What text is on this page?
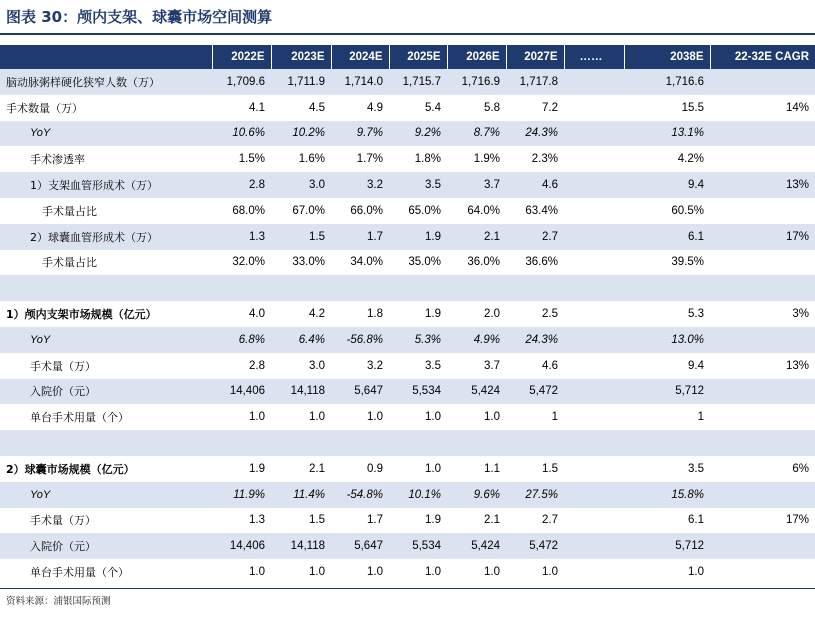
图表 30：颅内支架、球囊市场空间测算
	2022E	2023E	2024E	2025E	2026E	2027E	……	2038E	22-32E CAGR
脑动脉粥样硬化狭窄人数（万）	1,709.6	1,711.9	1,714.0	1,715.7	1,716.9	1,717.8		1,716.6	
手术数量（万）	4.1	4.5	4.9	5.4	5.8	7.2		15.5	14%
YoY	10.6%	10.2%	9.7%	9.2%	8.7%	24.3%		13.1%	
手术渗透率	1.5%	1.6%	1.7%	1.8%	1.9%	2.3%		4.2%	
1）支架血管形成术（万）	2.8	3.0	3.2	3.5	3.7	4.6		9.4	13%
手术量占比	68.0%	67.0%	66.0%	65.0%	64.0%	63.4%		60.5%	
2）球囊血管形成术（万）	1.3	1.5	1.7	1.9	2.1	2.7		6.1	17%
手术量占比	32.0%	33.0%	34.0%	35.0%	36.0%	36.6%		39.5%	

1）颅内支架市场规模（亿元）	4.0	4.2	1.8	1.9	2.0	2.5		5.3	3%
YoY	6.8%	6.4%	-56.8%	5.3%	4.9%	24.3%		13.0%	
手术量（万）	2.8	3.0	3.2	3.5	3.7	4.6		9.4	13%
入院价（元）	14,406	14,118	5,647	5,534	5,424	5,472		5,712	
单台手术用量（个）	1.0	1.0	1.0	1.0	1.0	1		1	

2）球囊市场规模（亿元）	1.9	2.1	0.9	1.0	1.1	1.5		3.5	6%
YoY	11.9%	11.4%	-54.8%	10.1%	9.6%	27.5%		15.8%	
手术量（万）	1.3	1.5	1.7	1.9	2.1	2.7		6.1	17%
入院价（元）	14,406	14,118	5,647	5,534	5,424	5,472		5,712	
单台手术用量（个）	1.0	1.0	1.0	1.0	1.0	1.0		1.0	
资料来源：浦银国际预测
